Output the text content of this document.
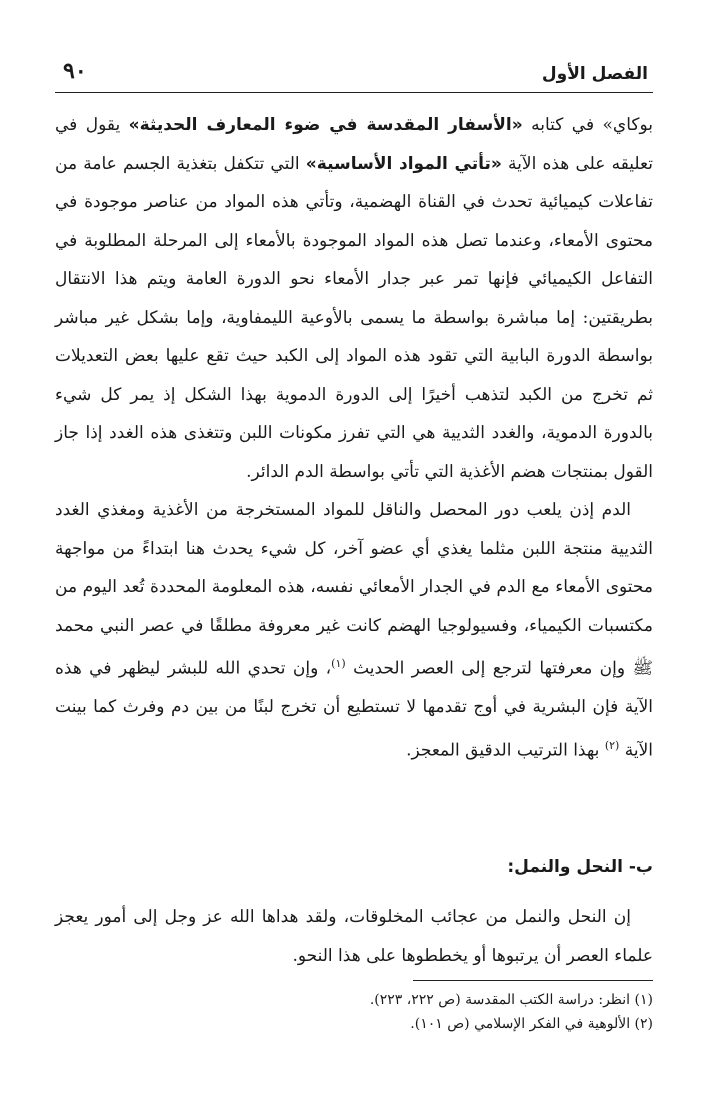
٩٠	الفصل الأول

بوكاي» في كتابه «الأسفار المقدسة في ضوء المعارف الحديثة» يقول في تعليقه على هذه الآية «تأتي المواد الأساسية» التي تتكفل بتغذية الجسم عامة من تفاعلات كيميائية تحدث في القناة الهضمية، وتأتي هذه المواد من عناصر موجودة في محتوى الأمعاء، وعندما تصل هذه المواد الموجودة بالأمعاء إلى المرحلة المطلوبة في التفاعل الكيميائي فإنها تمر عبر جدار الأمعاء نحو الدورة العامة ويتم هذا الانتقال بطريقتين: إما مباشرة بواسطة ما يسمى بالأوعية الليمفاوية، وإما بشكل غير مباشر بواسطة الدورة البابية التي تقود هذه المواد إلى الكبد حيث تقع عليها بعض التعديلات ثم تخرج من الكبد لتذهب أخيرًا إلى الدورة الدموية بهذا الشكل إذ يمر كل شيء بالدورة الدموية، والغدد الثديية هي التي تفرز مكونات اللبن وتتغذى هذه الغدد إذا جاز القول بمنتجات هضم الأغذية التي تأتي بواسطة الدم الدائر.

الدم إذن يلعب دور المحصل والناقل للمواد المستخرجة من الأغذية ومغذي الغدد الثديية منتجة اللبن مثلما يغذي أي عضو آخر، كل شيء يحدث هنا ابتداءً من مواجهة محتوى الأمعاء مع الدم في الجدار الأمعائي نفسه، هذه المعلومة المحددة تُعد اليوم من مكتسبات الكيمياء، وفسيولوجيا الهضم كانت غير معروفة مطلقًا في عصر النبي محمد ﷺ وإن معرفتها لترجع إلى العصر الحديث $^{(١)}$، وإن تحدي الله للبشر ليظهر في هذه الآية فإن البشرية في أوج تقدمها لا تستطيع أن تخرج لبنًا من بين دم وفرث كما بينت الآية $^{(٢)}$ بهذا الترتيب الدقيق المعجز.

ب- النحل والنمل:

إن النحل والنمل من عجائب المخلوقات، ولقد هداها الله عز وجل إلى أمور يعجز علماء العصر أن يرتبوها أو يخططوها على هذا النحو.

(١) انظر: دراسة الكتب المقدسة (ص ٢٢٢، ٢٢٣).
(٢) الألوهية في الفكر الإسلامي (ص ١٠١).
